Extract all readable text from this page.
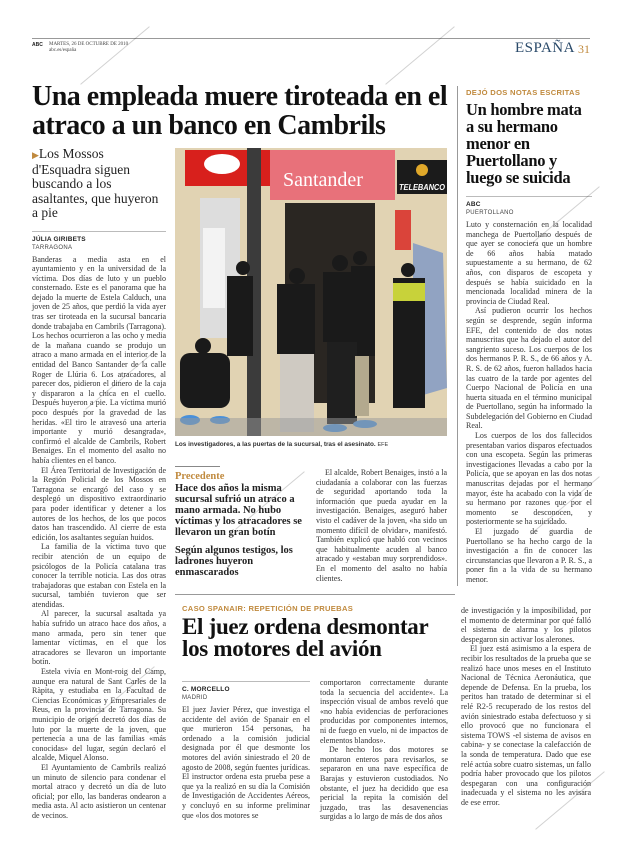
ABC MARTES, 26 DE OCTUBRE DE 2010
abc.es/españa	ESPAÑA 31
Una empleada muere tiroteada en el atraco a un banco en Cambrils
▶Los Mossos d'Esquadra siguen buscando a los asaltantes, que huyeron a pie
JÚLIA GIRIBETS
TARRAGONA

Banderas a media asta en el ayuntamiento y en la universidad de la víctima. Dos días de luto y un pueblo consternado. Este es el panorama que ha dejado la muerte de Estela Calduch, una joven de 25 años, que perdió la vida ayer tras ser tiroteada en la sucursal bancaria donde trabajaba en Cambrils (Tarragona). Los hechos ocurrieron a las ocho y media de la mañana cuando se produjo un atraco a mano armada en el interior de la entidad del Banco Santander de la calle Roger de Llúria 6. Los atracadores, al parecer dos, pidieron el dinero de la caja y dispararon a la chica en el cuello. Después huyeron a pie. La víctima murió poco después por la gravedad de las heridas. «El tiro le atravesó una arteria importante y murió desangrada», confirmó el alcalde de Cambrils, Robert Benaiges. En el momento del asalto no había clientes en el banco.

El Área Territorial de Investigación de la Región Policial de los Mossos en Tarragona se encargó del caso y se desplegó un dispositivo extraordinario para poder identificar y detener a los autores de los hechos, de los que pocos datos han trascendido. Al cierre de esta edición, los asaltantes seguían huidos.

La familia de la víctima tuvo que recibir atención de un equipo de psicólogos de la Policía catalana tras conocer la terrible noticia. Las dos otras trabajadoras que estaban con Estela en la sucursal, también tuvieron que ser atendidas.

Al parecer, la sucursal asaltada ya había sufrido un atraco hace dos años, a mano armada, pero sin tener que lamentar víctimas, en el que los atracadores se llevaron un importante botín.

Estela vivía en Mont-roig del Camp, aunque era natural de Sant Carles de la Ràpita, y estudiaba en la Facultad de Ciencias Económicas y Empresariales de Reus, en la provincia de Tarragona. Su municipio de origen decretó dos días de luto por la muerte de la joven, que pertenecía a una de las familias «más conocidas» del lugar, según declaró el alcalde, Miquel Alonso.

El Ayuntamiento de Cambrils realizó un minuto de silencio para condenar el mortal atraco y decretó un día de luto oficial; por ello, las banderas ondearon a media asta. Al acto asistieron un centenar de vecinos.

Santander	TELEBANCO
Los investigadores, a las puertas de la sucursal, tras el asesinato. EFE
Precedente
Hace dos años la misma sucursal sufrió un atraco a mano armada. No hubo víctimas y los atracadores se llevaron un gran botín
Según algunos testigos, los ladrones huyeron enmascarados

El alcalde, Robert Benaiges, instó a la ciudadanía a colaborar con las fuerzas de seguridad aportando toda la información que pueda ayudar en la investigación. Benaiges, aseguró haber visto el cadáver de la joven, «ha sido un momento difícil de olvidar», manifestó. También explicó que habló con vecinos que habitualmente acuden al banco atracado y «estaban muy sorprendidos». En el momento del asalto no había clientes.

DEJÓ DOS NOTAS ESCRITAS
Un hombre mata a su hermano menor en Puertollano y luego se suicida
ABC
PUERTOLLANO

Luto y consternación en la localidad manchega de Puertollano después de que ayer se conociera que un hombre de 66 años había matado supuestamente a su hermano, de 62 años, con disparos de escopeta y después se había suicidado en la mencionada localidad minera de la provincia de Ciudad Real.

Así pudieron ocurrir los hechos según se desprende, según informa EFE, del contenido de dos notas manuscritas que ha dejado el autor del sangriento suceso. Los cuerpos de los dos hermanos P. R. S., de 66 años y A. R. S. de 62 años, fueron hallados hacia las cuatro de la tarde por agentes del Cuerpo Nacional de Policía en una huerta situada en el término municipal de Puertollano, según ha informado la Subdelegación del Gobierno en Ciudad Real.

Los cuerpos de los dos fallecidos presentaban varios disparos efectuados con una escopeta. Según las primeras investigaciones llevadas a cabo por la Policía, que se apoyan en las dos notas manuscritas dejadas por el hermano mayor, éste ha acabado con la vida de su hermano por razones que por el momento se desconocen, y posteriormente se ha suicidado.

El juzgado de guardia de Puertollano se ha hecho cargo de la investigación a fin de conocer las circunstancias que llevaron a P. R. S., a poner fin a la vida de su hermano menor.

CASO SPANAIR: REPETICIÓN DE PRUEBAS
El juez ordena desmontar los motores del avión
C. MORCELLO
MADRID

El juez Javier Pérez, que investiga el accidente del avión de Spanair en el que murieron 154 personas, ha ordenado a la comisión judicial designada por él que desmonte los motores del avión siniestrado el 20 de agosto de 2008, según fuentes jurídicas. El instructor ordena esta prueba pese a que ya la realizó en su día la Comisión de Investigación de Accidentes Aéreos, y concluyó en su informe preliminar que «los dos motores se

comportaron correctamente durante toda la secuencia del accidente». La inspección visual de ambos reveló que «no había evidencias de perforaciones producidas por componentes internos, ni de fuego en vuelo, ni de impactos de elementos blandos».

De hecho los dos motores se montaron enteros para revisarlos, se separaron en una nave específica de Barajas y estuvieron custodiados. No obstante, el juez ha decidido que esa pericial la repita la comisión del juzgado, tras las desavenencias surgidas a lo largo de más de dos años

de investigación y la imposibilidad, por el momento de determinar por qué falló el sistema de alarma y los pilotos despegaron sin activar los alerones.

El juez está asimismo a la espera de recibir los resultados de la prueba que se realizó hace unos meses en el Instituto Nacional de Técnica Aeronáutica, que depende de Defensa. En la prueba, los peritos han tratado de determinar si el relé R2-5 recuperado de los restos del avión siniestrado estaba defectuoso y si ello provocó que no funcionara el sistema TOWS -el sistema de avisos en cabina- y se conectase la calefacción de la sonda de temperatura. Dado que ese relé actúa sobre cuatro sistemas, un fallo podría haber provocado que los pilotos despegaran con una configuración inadecuada y el sistema no les avisara de ese error.
